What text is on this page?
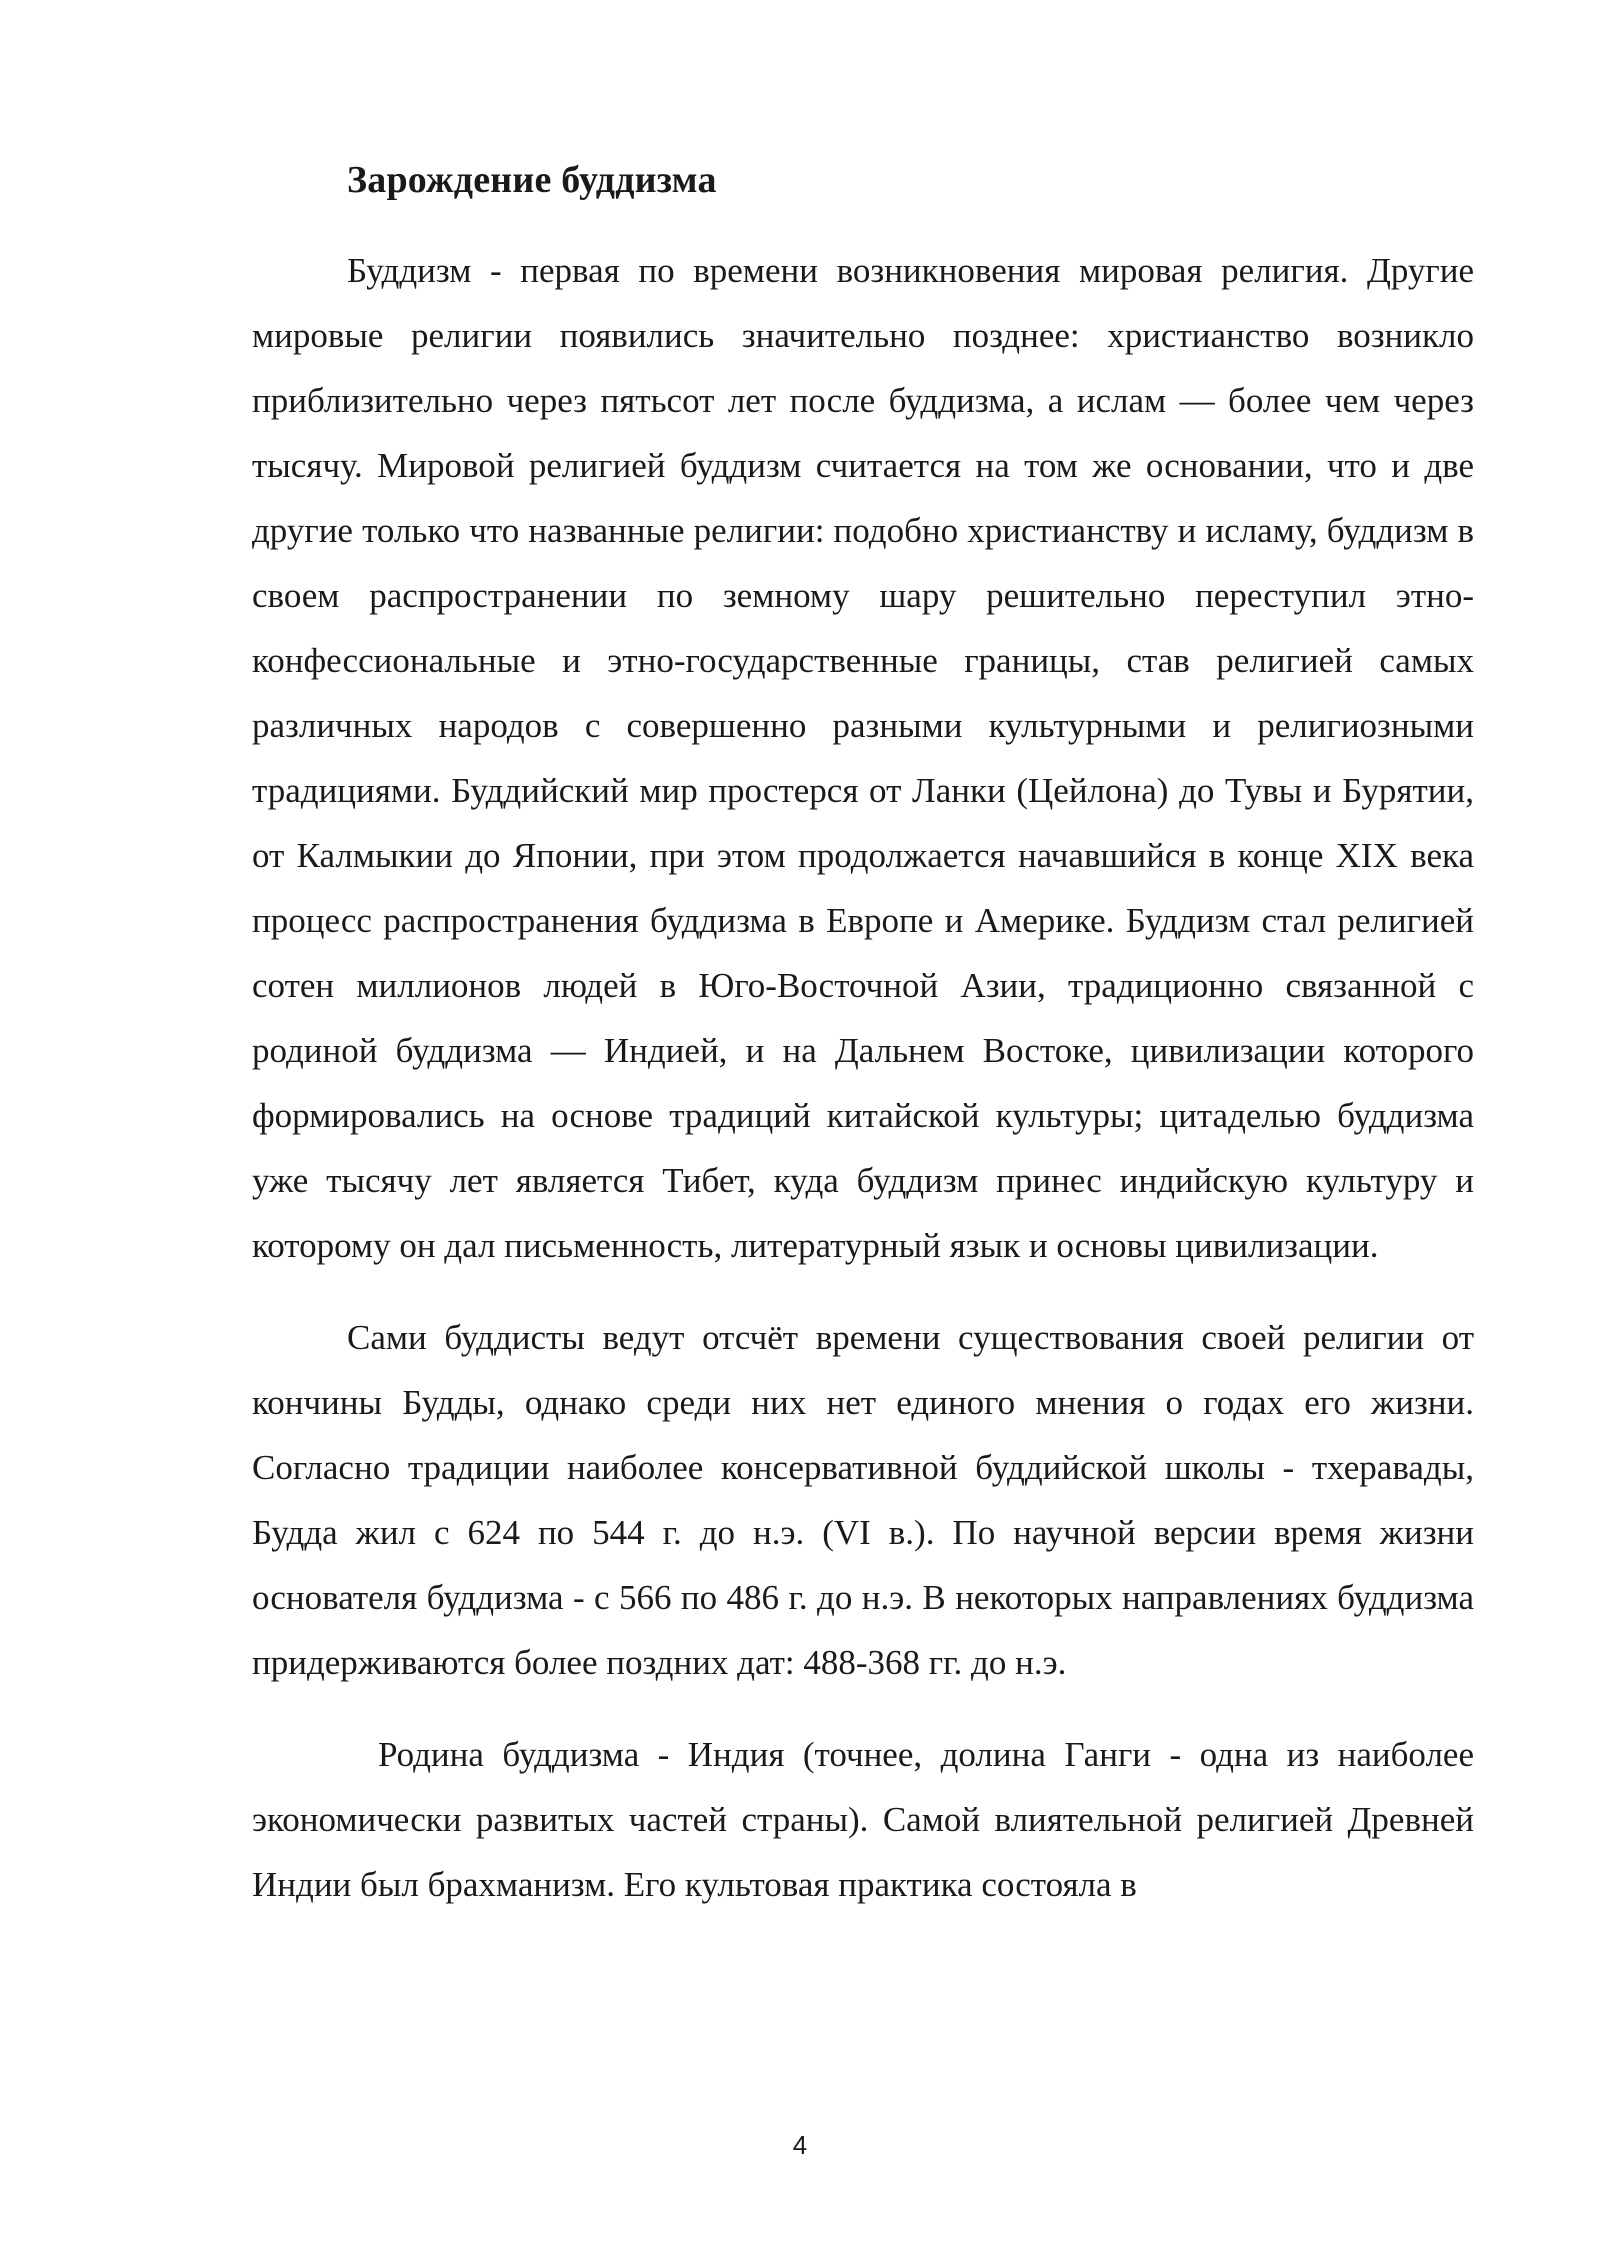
Зарождение буддизма

Буддизм - первая по времени возникновения мировая религия. Другие мировые религии появились значительно позднее: христианство возникло приблизительно через пятьсот лет после буддизма, а ислам — более чем через тысячу. Мировой религией буддизм считается на том же основании, что и две другие только что названные религии: подобно христианству и исламу, буддизм в своем распространении по земному шару решительно переступил этно-конфессиональные и этно-государственные границы, став религией самых различных народов с совершенно разными культурными и религиозными традициями. Буддийский мир простерся от Ланки (Цейлона) до Тувы и Бурятии, от Калмыкии до Японии, при этом продолжается начавшийся в конце XIX века процесс распространения буддизма в Европе и Америке. Буддизм стал религией сотен миллионов людей в Юго-Восточной Азии, традиционно связанной с родиной буддизма — Индией, и на Дальнем Востоке, цивилизации которого формировались на основе традиций китайской культуры; цитаделью буддизма уже тысячу лет является Тибет, куда буддизм принес индийскую культуру и которому он дал письменность, литературный язык и основы цивилизации.

Сами буддисты ведут отсчёт времени существования своей религии от кончины Будды, однако среди них нет единого мнения о годах его жизни. Согласно традиции наиболее консервативной буддийской школы - тхеравады, Будда жил с 624 по 544 г. до н.э. (VI в.). По научной версии время жизни основателя буддизма - с 566 по 486 г. до н.э. В некоторых направлениях буддизма придерживаются более поздних дат: 488-368 гг. до н.э.

Родина буддизма - Индия (точнее, долина Ганги - одна из наиболее экономически развитых частей страны). Самой влиятельной религией Древней Индии был брахманизм. Его культовая практика состояла в

4
